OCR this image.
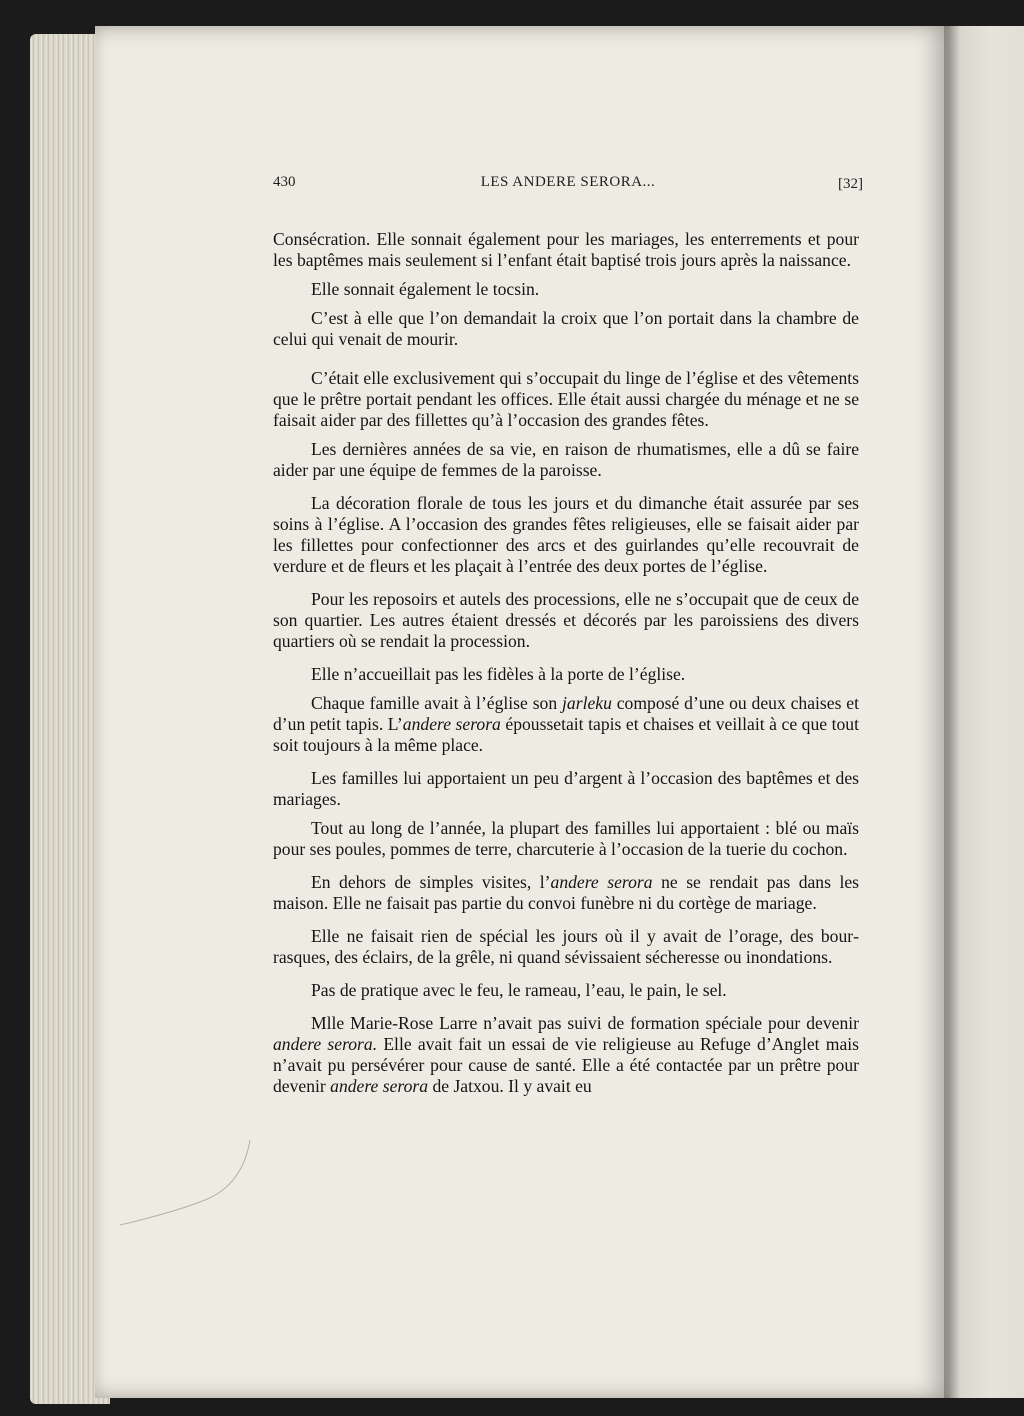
430	LES ANDERE SERORA...	[32]

Consécration. Elle sonnait également pour les mariages, les enterrements et pour les baptêmes mais seulement si l’enfant était baptisé trois jours après la naissance.

Elle sonnait également le tocsin.

C’est à elle que l’on demandait la croix que l’on portait dans la chambre de celui qui venait de mourir.

C’était elle exclusivement qui s’occupait du linge de l’église et des vêtements que le prêtre portait pendant les offices. Elle était aussi chargée du ménage et ne se faisait aider par des fillettes qu’à l’occasion des grandes fêtes.

Les dernières années de sa vie, en raison de rhumatismes, elle a dû se faire aider par une équipe de femmes de la paroisse.

La décoration florale de tous les jours et du dimanche était assurée par ses soins à l’église. A l’occasion des grandes fêtes religieuses, elle se faisait aider par les fillettes pour confectionner des arcs et des guirlandes qu’elle recouvrait de verdure et de fleurs et les plaçait à l’entrée des deux portes de l’église.

Pour les reposoirs et autels des processions, elle ne s’occupait que de ceux de son quartier. Les autres étaient dressés et décorés par les paroissiens des divers quartiers où se rendait la procession.

Elle n’accueillait pas les fidèles à la porte de l’église.

Chaque famille avait à l’église son jarleku composé d’une ou deux chaises et d’un petit tapis. L’andere serora époussetait tapis et chaises et veillait à ce que tout soit toujours à la même place.

Les familles lui apportaient un peu d’argent à l’occasion des baptêmes et des mariages.

Tout au long de l’année, la plupart des familles lui apportaient : blé ou maïs pour ses poules, pommes de terre, charcuterie à l’occasion de la tuerie du cochon.

En dehors de simples visites, l’andere serora ne se rendait pas dans les maison. Elle ne faisait pas partie du convoi funèbre ni du cortège de mariage.

Elle ne faisait rien de spécial les jours où il y avait de l’orage, des bourrasques, des éclairs, de la grêle, ni quand sévissaient sécheresse ou inondations.

Pas de pratique avec le feu, le rameau, l’eau, le pain, le sel.

Mlle Marie-Rose Larre n’avait pas suivi de formation spéciale pour devenir andere serora. Elle avait fait un essai de vie religieuse au Refuge d’Anglet mais n’avait pu persévérer pour cause de santé. Elle a été contactée par un prêtre pour devenir andere serora de Jatxou. Il y avait eu
